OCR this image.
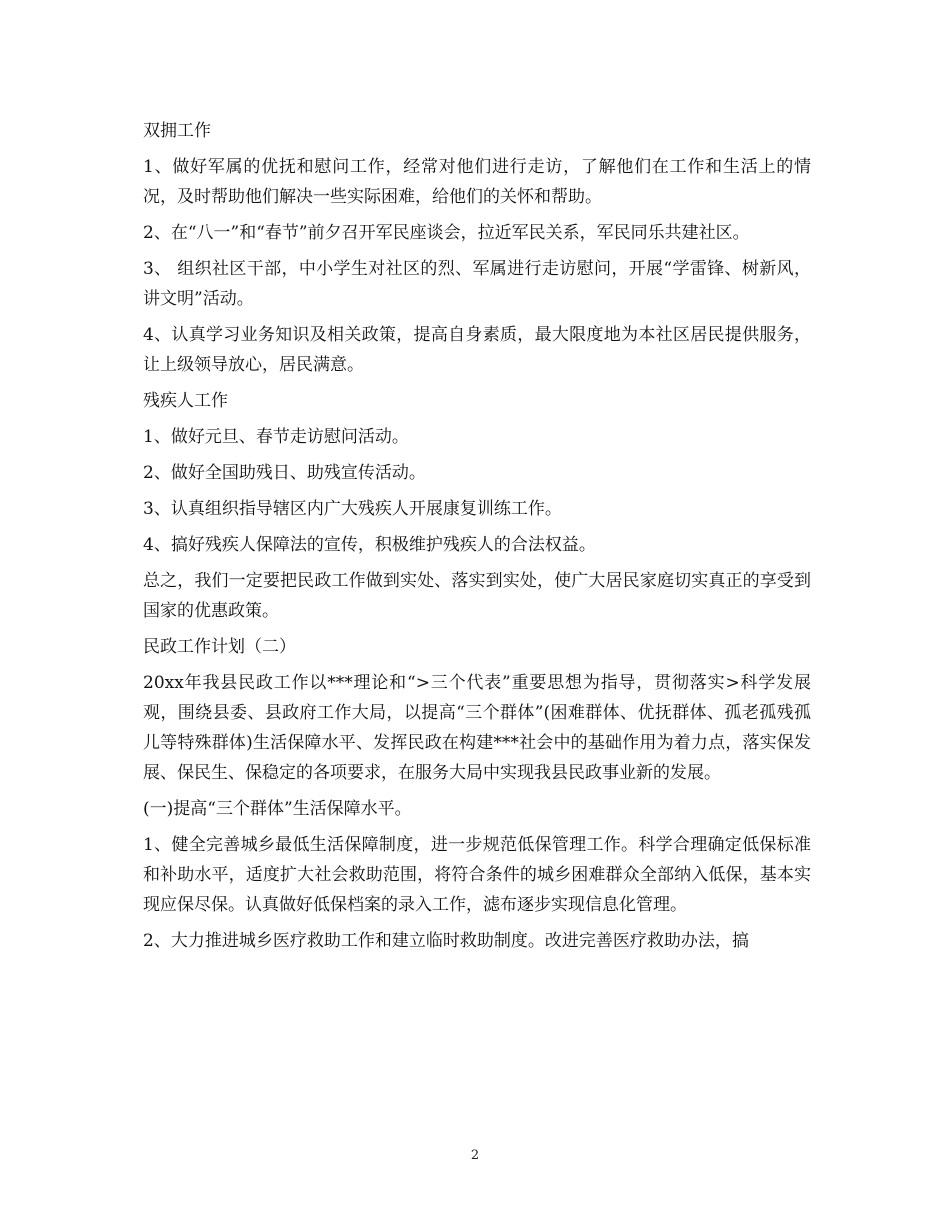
双拥工作

1、做好军属的优抚和慰问工作，经常对他们进行走访，了解他们在工作和生活上的情况，及时帮助他们解决一些实际困难，给他们的关怀和帮助。

2、在“八一”和“春节”前夕召开军民座谈会，拉近军民关系，军民同乐共建社区。

3、 组织社区干部，中小学生对社区的烈、军属进行走访慰问，开展“学雷锋、树新风，讲文明”活动。

4、认真学习业务知识及相关政策，提高自身素质，最大限度地为本社区居民提供服务，让上级领导放心，居民满意。

残疾人工作

1、做好元旦、春节走访慰问活动。

2、做好全国助残日、助残宣传活动。

3、认真组织指导辖区内广大残疾人开展康复训练工作。

4、搞好残疾人保障法的宣传，积极维护残疾人的合法权益。

总之，我们一定要把民政工作做到实处、落实到实处，使广大居民家庭切实真正的享受到国家的优惠政策。

民政工作计划（二）

20xx年我县民政工作以***理论和“>三个代表”重要思想为指导，贯彻落实>科学发展观，围绕县委、县政府工作大局，以提高“三个群体”(困难群体、优抚群体、孤老孤残孤儿等特殊群体)生活保障水平、发挥民政在构建***社会中的基础作用为着力点，落实保发展、保民生、保稳定的各项要求，在服务大局中实现我县民政事业新的发展。

(一)提高“三个群体”生活保障水平。

1、健全完善城乡最低生活保障制度，进一步规范低保管理工作。科学合理确定低保标准和补助水平，适度扩大社会救助范围，将符合条件的城乡困难群众全部纳入低保，基本实现应保尽保。认真做好低保档案的录入工作，滤布逐步实现信息化管理。

2、大力推进城乡医疗救助工作和建立临时救助制度。改进完善医疗救助办法，搞

2
